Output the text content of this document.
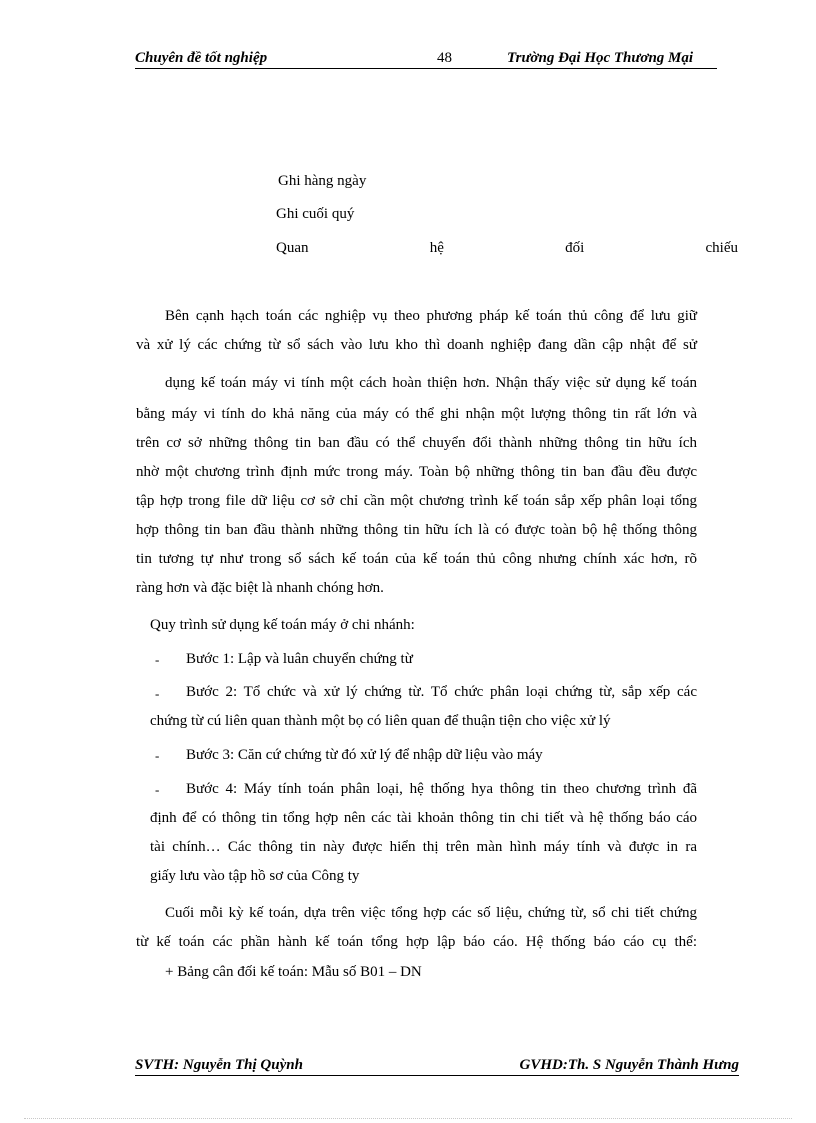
Chuyên đề tốt nghiệp	48	Trường Đại Học Thương Mại
Ghi hàng ngày
Ghi cuối quý
Quan	hệ	đối	chiếu
Bên cạnh hạch toán các nghiệp vụ theo phương pháp kế toán thủ công để lưu giữ
và xử lý các chứng từ sổ sách vào lưu kho thì doanh nghiệp đang dần cập nhật để sử
dụng kế toán máy vi tính một cách hoàn thiện hơn. Nhận thấy việc sử dụng kế toán
bằng máy vi tính do khả năng của máy có thể ghi nhận một lượng thông tin rất lớn và
trên cơ sở những thông tin ban đầu có thể chuyển đổi thành những thông tin hữu ích
nhờ một chương trình định mức trong máy. Toàn bộ những thông tin ban đầu đều được
tập hợp trong file dữ liệu cơ sở chỉ cần một chương trình kế toán sắp xếp phân loại tổng
hợp thông tin ban đầu thành những thông tin hữu ích là có được toàn bộ hệ thống thông
tin tương tự như trong sổ sách kế toán của kế toán thủ công nhưng chính xác hơn, rõ
ràng hơn và đặc biệt là nhanh chóng hơn.
Quy trình sử dụng kế toán máy ở chi nhánh:
- Bước 1: Lập và luân chuyển chứng từ
- Bước 2: Tổ chức và xử lý chứng từ. Tổ chức phân loại chứng từ, sắp xếp các
chứng từ cú liên quan thành một bọ có liên quan để thuận tiện cho việc xử lý
- Bước 3: Căn cứ chứng từ đó xử lý để nhập dữ liệu vào máy
- Bước 4: Máy tính toán phân loại, hệ thống hya thông tin theo chương trình đã
định để có thông tin tổng hợp nên các tài khoản thông tin chi tiết và hệ thống báo cáo
tài chính… Các thông tin này được hiển thị trên màn hình máy tính và được in ra
giấy lưu vào tập hồ sơ của Công ty
Cuối mỗi kỳ kế toán, dựa trên việc tổng hợp các số liệu, chứng từ, sổ chi tiết chứng
từ kế toán các phần hành kế toán tổng hợp lập báo cáo. Hệ thống báo cáo cụ thể:
+ Bảng cân đối kế toán: Mẫu số B01 – DN
SVTH: Nguyễn Thị Quỳnh	GVHD:Th. S Nguyễn Thành Hưng
